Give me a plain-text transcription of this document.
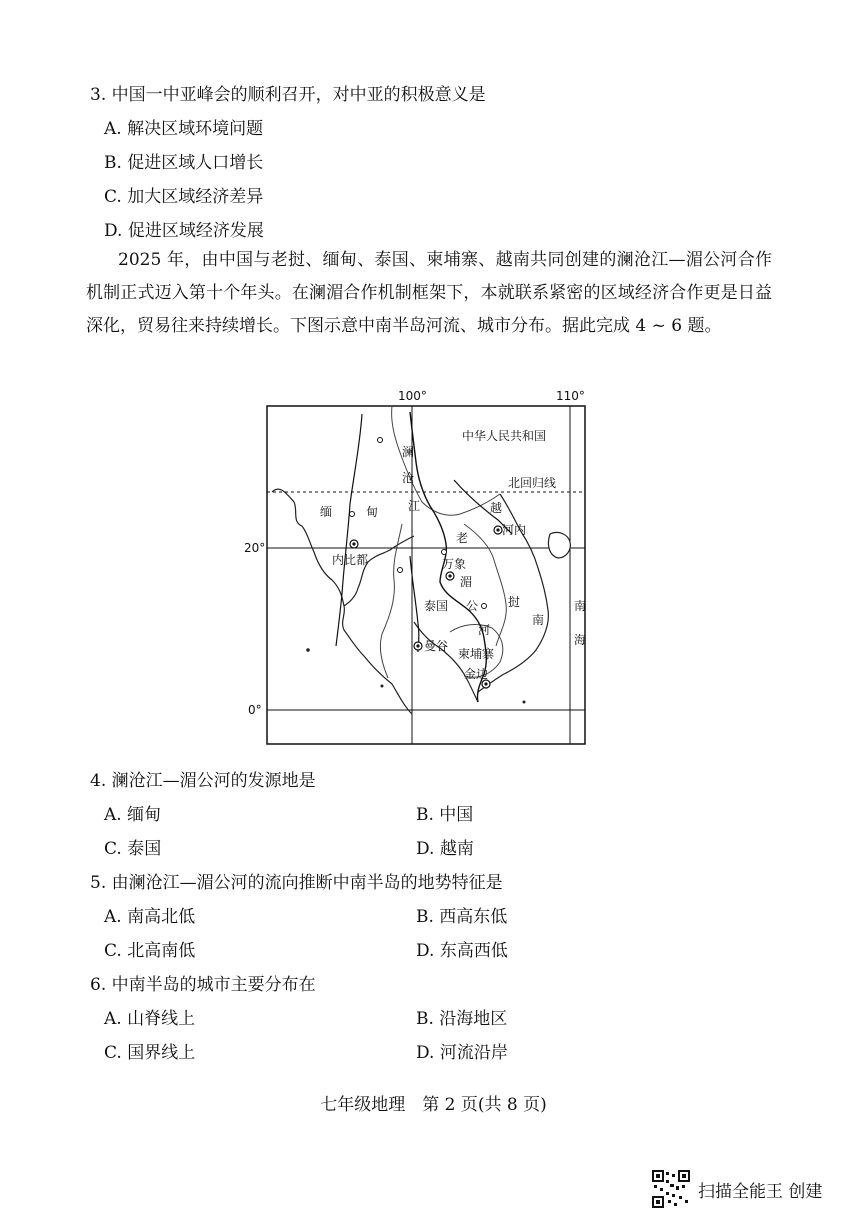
3. 中国一中亚峰会的顺利召开，对中亚的积极意义是
A. 解决区域环境问题
B. 促进区域人口增长
C. 加大区域经济差异
D. 促进区域经济发展
2025 年，由中国与老挝、缅甸、泰国、柬埔寨、越南共同创建的澜沧江—湄公河合作机制正式迈入第十个年头。在澜湄合作机制框架下，本就联系紧密的区域经济合作更是日益深化，贸易往来持续增长。下图示意中南半岛河流、城市分布。据此完成 4 ~ 6 题。
100°	110°
20°
0°
北回归线
中华人民共和国
缅	甸
老
挝
泰国
越
南
柬埔寨
南
海
澜
沧
江
湄
公
河
河内
内比都	万象
曼谷
金边
4. 澜沧江—湄公河的发源地是
A. 缅甸	B. 中国
C. 泰国	D. 越南
5. 由澜沧江—湄公河的流向推断中南半岛的地势特征是
A. 南高北低	B. 西高东低
C. 北高南低	D. 东高西低
6. 中南半岛的城市主要分布在
A. 山脊线上	B. 沿海地区
C. 国界线上	D. 河流沿岸
七年级地理　第 2 页(共 8 页)
扫描全能王 创建
